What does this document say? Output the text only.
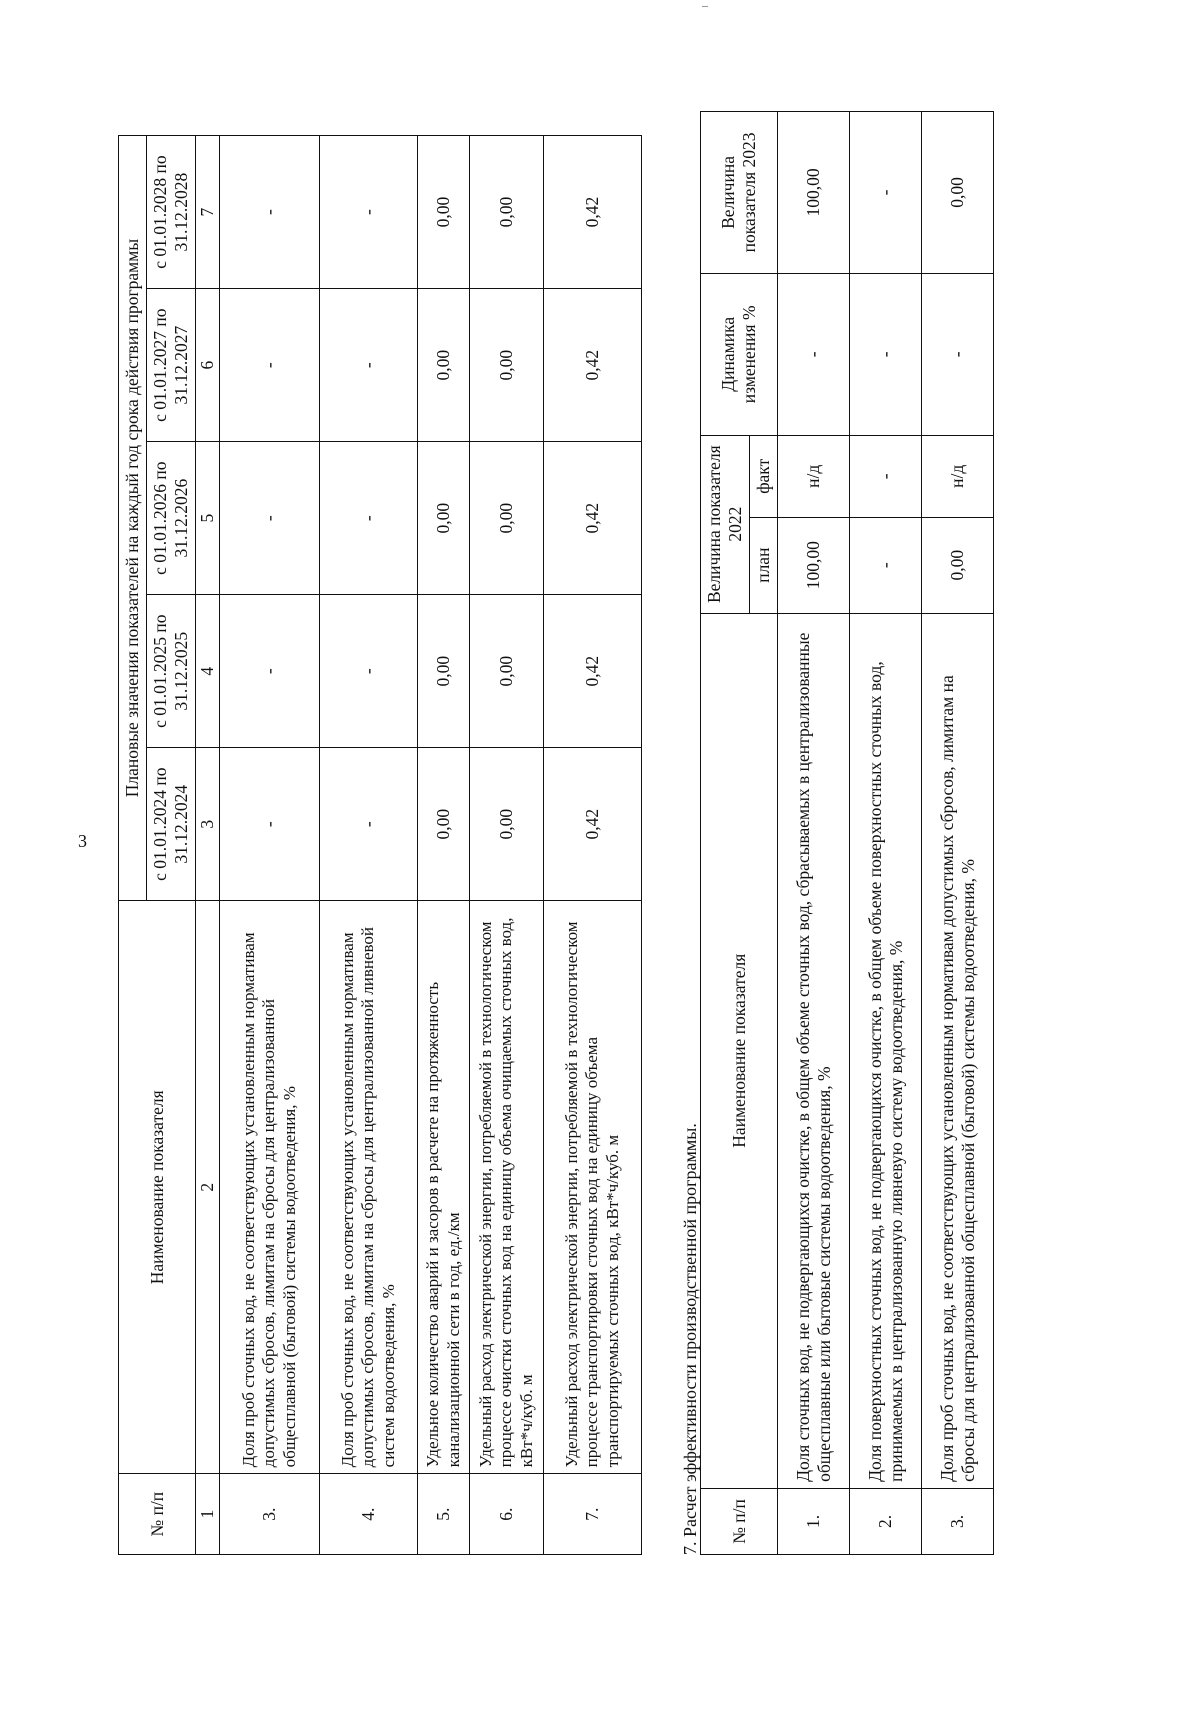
3
№ п/п	Наименование показателя	Плановые значения показателей на каждый год срока действия программы				
		с 01.01.2024 по 31.12.2024	с 01.01.2025 по 31.12.2025	с 01.01.2026 по 31.12.2026	с 01.01.2027 по 31.12.2027	с 01.01.2028 по 31.12.2028
1	2	3	4	5	6	7
3.	Доля проб сточных вод, не соответствующих установленным нормативам допустимых сбросов, лимитам на сбросы для централизованной общесплавной (бытовой) системы водоотведения, %	-	-	-	-	-
4.	Доля проб сточных вод, не соответствующих установленным нормативам допустимых сбросов, лимитам на сбросы для централизованной ливневой систем водоотведения, %	-	-	-	-	-
5.	Удельное количество аварий и засоров в расчете на протяженность канализационной сети в год, ед./км	0,00	0,00	0,00	0,00	0,00
6.	Удельный расход электрической энергии, потребляемой в технологическом процессе очистки сточных вод на единицу объема очищаемых сточных вод, кВт*ч/куб. м	0,00	0,00	0,00	0,00	0,00
7.	Удельный расход электрической энергии, потребляемой в технологическом процессе транспортировки сточных вод на единицу объема транспортируемых сточных вод, кВт*ч/куб. м	0,42	0,42	0,42	0,42	0,42
7. Расчет эффективности производственной программы. № п/п	Наименование показателя	Величина показателя 2022		Динамика изменения %	Величина показателя 2023
		план	факт		
1.	Доля сточных вод, не подвергающихся очистке, в общем объеме сточных вод, сбрасываемых в централизованные общесплавные или бытовые системы водоотведения, %	100,00	н/д	-	100,00
2.	Доля поверхностных сточных вод, не подвергающихся очистке, в общем объеме поверхностных сточных вод, принимаемых в централизованную ливневую систему водоотведения, %	-	-	-	-
3.	Доля проб сточных вод, не соответствующих установленным нормативам допустимых сбросов, лимитам на сбросы для централизованной общесплавной (бытовой) системы водоотведения, %	0,00	н/д	-	0,00
